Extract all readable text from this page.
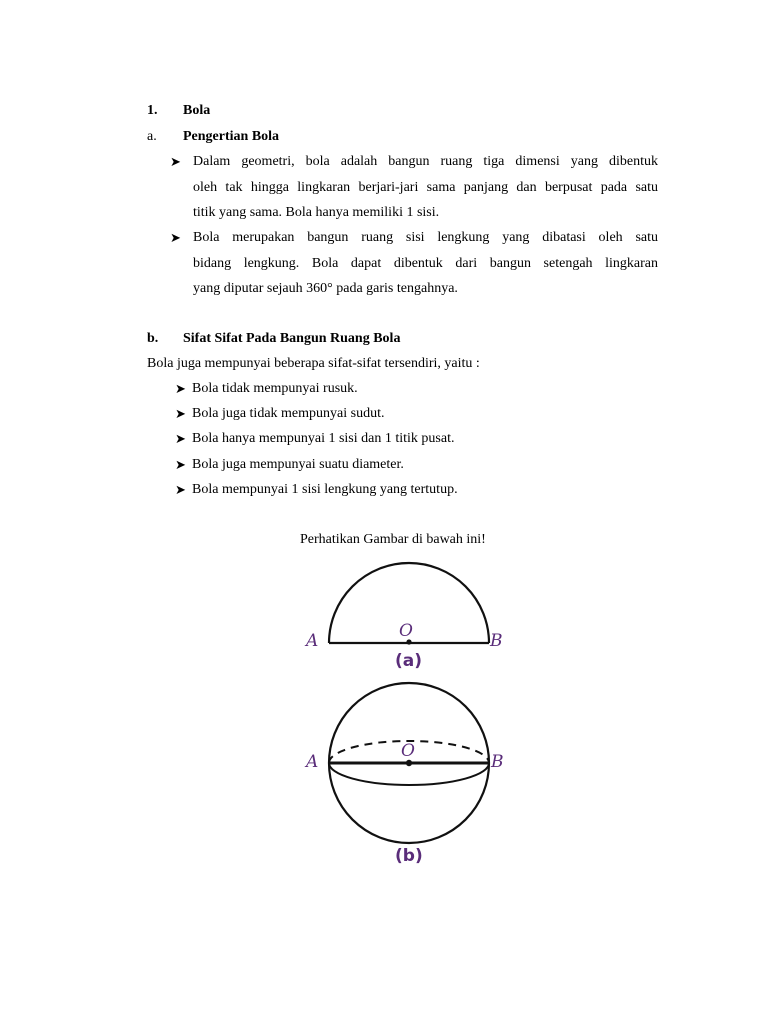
1. Bola
a. Pengertian Bola
➤ Dalam geometri, bola adalah bangun ruang tiga dimensi yang dibentuk
oleh tak hingga lingkaran berjari-jari sama panjang dan berpusat pada satu
titik yang sama. Bola hanya memiliki 1 sisi.
➤ Bola merupakan bangun ruang sisi lengkung yang dibatasi oleh satu
bidang lengkung. Bola dapat dibentuk dari bangun setengah lingkaran
yang diputar sejauh 360° pada garis tengahnya.
b. Sifat Sifat Pada Bangun Ruang Bola
Bola juga mempunyai beberapa sifat-sifat tersendiri, yaitu :
➤ Bola tidak mempunyai rusuk.
➤ Bola juga tidak mempunyai sudut.
➤ Bola hanya mempunyai 1 sisi dan 1 titik pusat.
➤ Bola juga mempunyai suatu diameter.
➤ Bola mempunyai 1 sisi lengkung yang tertutup.
Perhatikan Gambar di bawah ini!
A	O	B
(a)
A
O
B
(b)
